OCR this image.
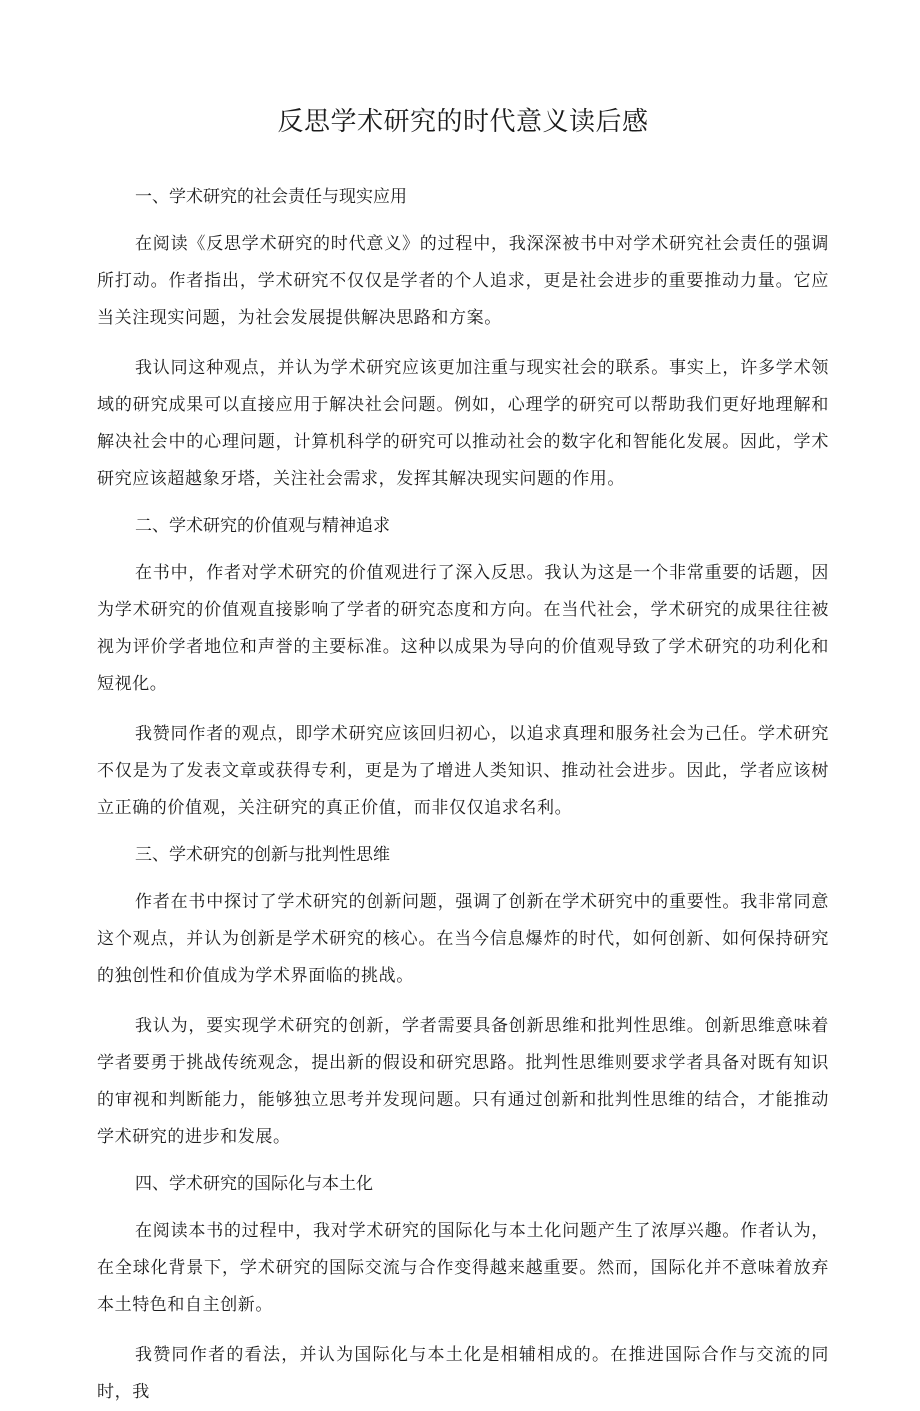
反思学术研究的时代意义读后感
一、学术研究的社会责任与现实应用

在阅读《反思学术研究的时代意义》的过程中，我深深被书中对学术研究社会责任的强调所打动。作者指出，学术研究不仅仅是学者的个人追求，更是社会进步的重要推动力量。它应当关注现实问题，为社会发展提供解决思路和方案。

我认同这种观点，并认为学术研究应该更加注重与现实社会的联系。事实上，许多学术领域的研究成果可以直接应用于解决社会问题。例如，心理学的研究可以帮助我们更好地理解和解决社会中的心理问题，计算机科学的研究可以推动社会的数字化和智能化发展。因此，学术研究应该超越象牙塔，关注社会需求，发挥其解决现实问题的作用。

二、学术研究的价值观与精神追求

在书中，作者对学术研究的价值观进行了深入反思。我认为这是一个非常重要的话题，因为学术研究的价值观直接影响了学者的研究态度和方向。在当代社会，学术研究的成果往往被视为评价学者地位和声誉的主要标准。这种以成果为导向的价值观导致了学术研究的功利化和短视化。

我赞同作者的观点，即学术研究应该回归初心，以追求真理和服务社会为己任。学术研究不仅是为了发表文章或获得专利，更是为了增进人类知识、推动社会进步。因此，学者应该树立正确的价值观，关注研究的真正价值，而非仅仅追求名利。

三、学术研究的创新与批判性思维

作者在书中探讨了学术研究的创新问题，强调了创新在学术研究中的重要性。我非常同意这个观点，并认为创新是学术研究的核心。在当今信息爆炸的时代，如何创新、如何保持研究的独创性和价值成为学术界面临的挑战。

我认为，要实现学术研究的创新，学者需要具备创新思维和批判性思维。创新思维意味着学者要勇于挑战传统观念，提出新的假设和研究思路。批判性思维则要求学者具备对既有知识的审视和判断能力，能够独立思考并发现问题。只有通过创新和批判性思维的结合，才能推动学术研究的进步和发展。

四、学术研究的国际化与本土化

在阅读本书的过程中，我对学术研究的国际化与本土化问题产生了浓厚兴趣。作者认为，在全球化背景下，学术研究的国际交流与合作变得越来越重要。然而，国际化并不意味着放弃本土特色和自主创新。

我赞同作者的看法，并认为国际化与本土化是相辅相成的。在推进国际合作与交流的同时，我
